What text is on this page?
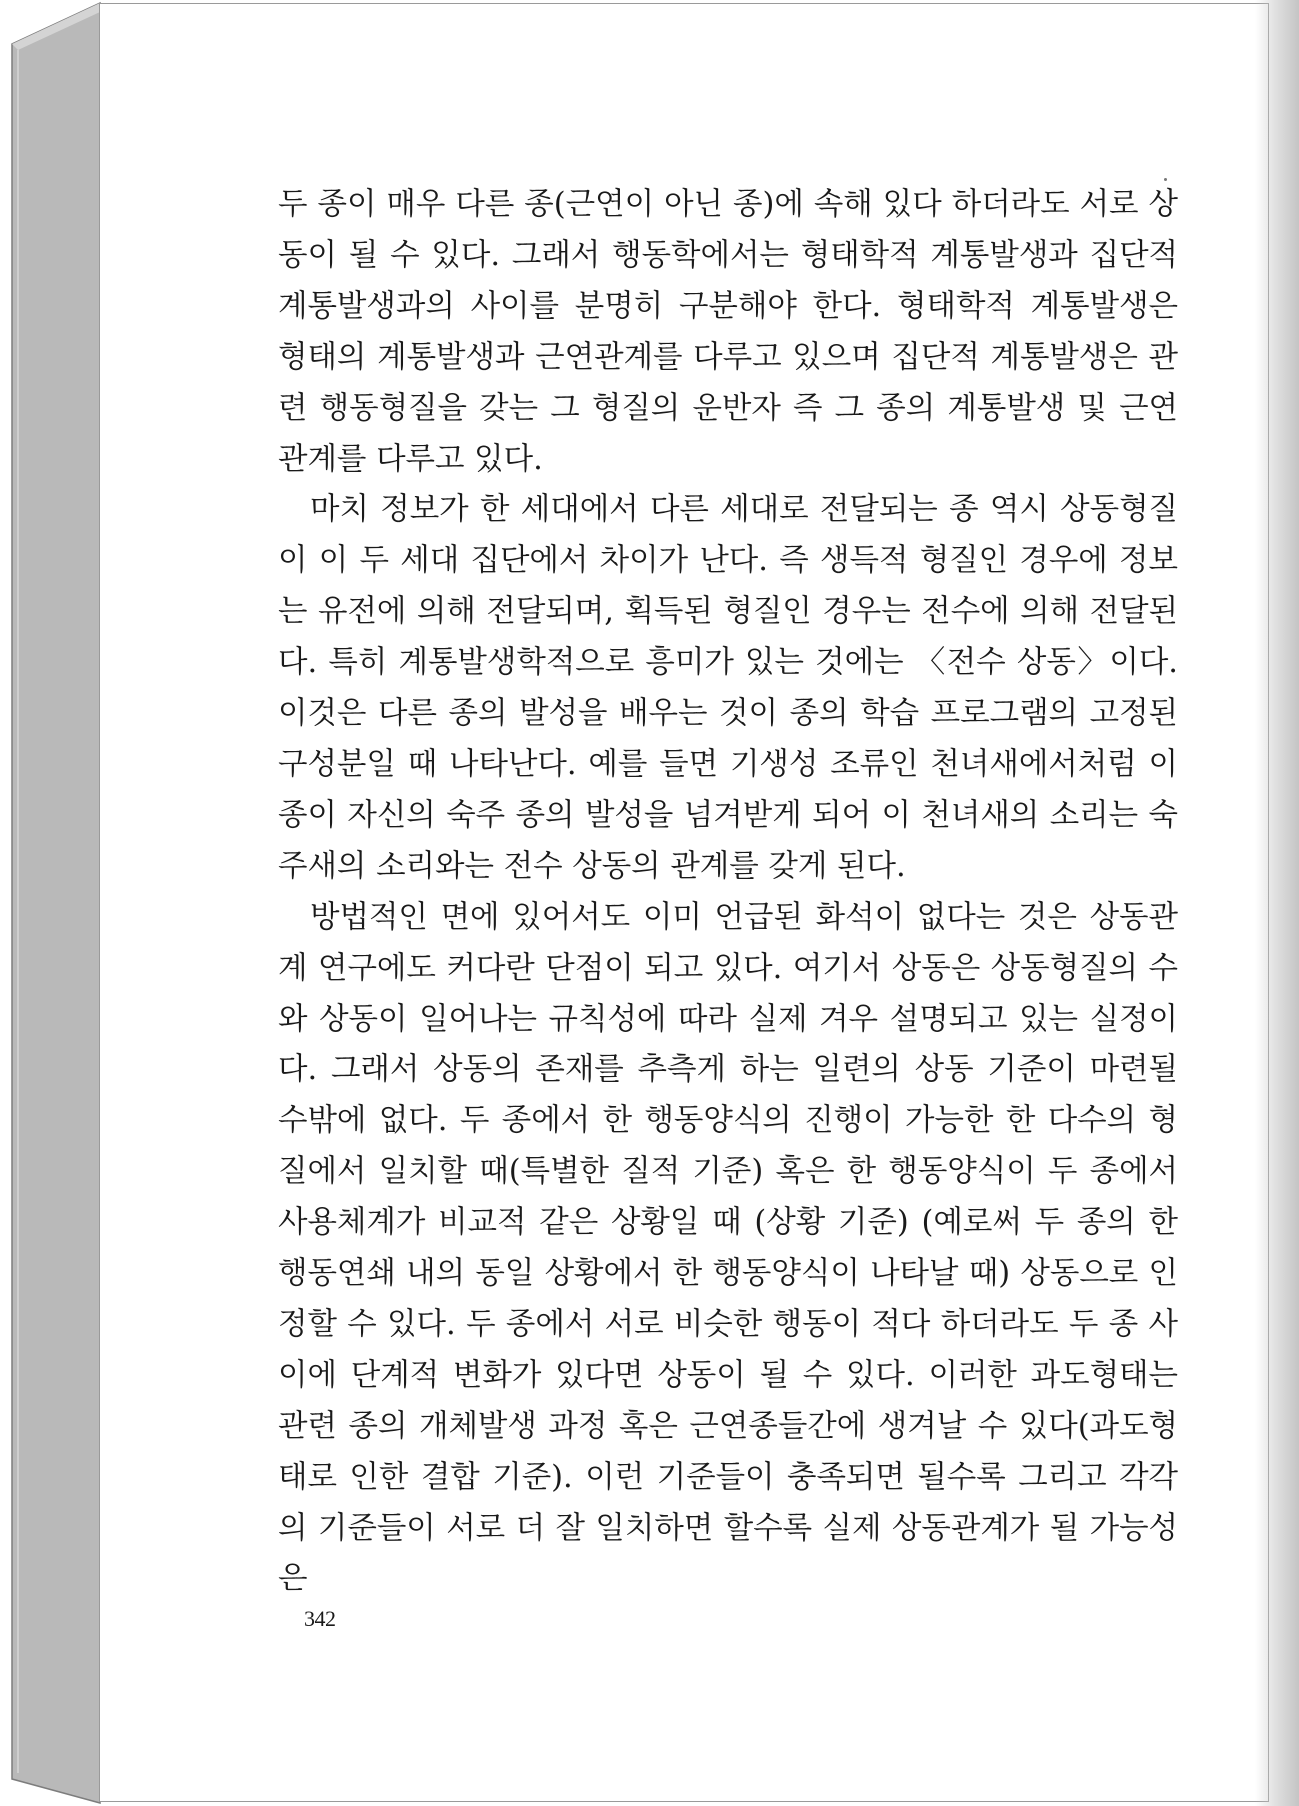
두 종이 매우 다른 종(근연이 아닌 종)에 속해 있다 하더라도 서로 상동이 될 수 있다. 그래서 행동학에서는 형태학적 계통발생과 집단적 계통발생과의 사이를 분명히 구분해야 한다. 형태학적 계통발생은 형태의 계통발생과 근연관계를 다루고 있으며 집단적 계통발생은 관련 행동형질을 갖는 그 형질의 운반자 즉 그 종의 계통발생 및 근연관계를 다루고 있다.

마치 정보가 한 세대에서 다른 세대로 전달되는 종 역시 상동형질이 이 두 세대 집단에서 차이가 난다. 즉 생득적 형질인 경우에 정보는 유전에 의해 전달되며, 획득된 형질인 경우는 전수에 의해 전달된다. 특히 계통발생학적으로 흥미가 있는 것에는 〈전수 상동〉이다. 이것은 다른 종의 발성을 배우는 것이 종의 학습 프로그램의 고정된 구성분일 때 나타난다. 예를 들면 기생성 조류인 천녀새에서처럼 이 종이 자신의 숙주 종의 발성을 넘겨받게 되어 이 천녀새의 소리는 숙주새의 소리와는 전수 상동의 관계를 갖게 된다.

방법적인 면에 있어서도 이미 언급된 화석이 없다는 것은 상동관계 연구에도 커다란 단점이 되고 있다. 여기서 상동은 상동형질의 수와 상동이 일어나는 규칙성에 따라 실제 겨우 설명되고 있는 실정이다. 그래서 상동의 존재를 추측게 하는 일련의 상동 기준이 마련될 수밖에 없다. 두 종에서 한 행동양식의 진행이 가능한 한 다수의 형질에서 일치할 때(특별한 질적 기준) 혹은 한 행동양식이 두 종에서 사용체계가 비교적 같은 상황일 때 (상황 기준) (예로써 두 종의 한 행동연쇄 내의 동일 상황에서 한 행동양식이 나타날 때) 상동으로 인정할 수 있다. 두 종에서 서로 비슷한 행동이 적다 하더라도 두 종 사이에 단계적 변화가 있다면 상동이 될 수 있다. 이러한 과도형태는 관련 종의 개체발생 과정 혹은 근연종들간에 생겨날 수 있다(과도형태로 인한 결합 기준). 이런 기준들이 충족되면 될수록 그리고 각각의 기준들이 서로 더 잘 일치하면 할수록 실제 상동관계가 될 가능성은

342
